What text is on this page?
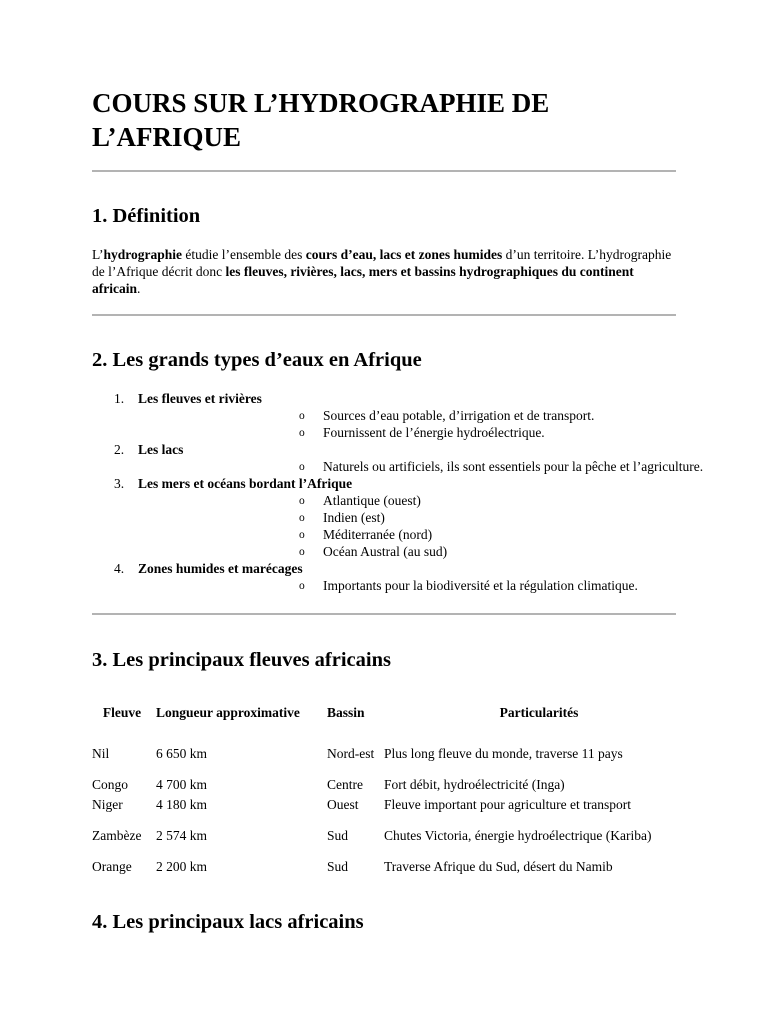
COURS SUR L’HYDROGRAPHIE DE L’AFRIQUE
1. Définition

L’hydrographie étudie l’ensemble des cours d’eau, lacs et zones humides d’un territoire. L’hydrographie de l’Afrique décrit donc les fleuves, rivières, lacs, mers et bassins hydrographiques du continent africain.

2. Les grands types d’eaux en Afrique
1. Les fleuves et rivières
o Sources d’eau potable, d’irrigation et de transport.
o Fournissent de l’énergie hydroélectrique.
2. Les lacs
o Naturels ou artificiels, ils sont essentiels pour la pêche et l’agriculture.
3. Les mers et océans bordant l’Afrique
o Atlantique (ouest)
o Indien (est)
o Méditerranée (nord)
o Océan Austral (au sud)
4. Zones humides et marécages
o Importants pour la biodiversité et la régulation climatique.
3. Les principaux fleuves africains
Fleuve	Longueur approximative	Bassin	Particularités

Nil	6 650 km	Nord-est	Plus long fleuve du monde, traverse 11 pays
Congo	4 700 km	Centre	Fort débit, hydroélectricité (Inga)
Niger	4 180 km	Ouest	Fleuve important pour agriculture et transport
Zambèze	2 574 km	Sud	Chutes Victoria, énergie hydroélectrique (Kariba)
Orange	2 200 km	Sud	Traverse Afrique du Sud, désert du Namib
4. Les principaux lacs africains
